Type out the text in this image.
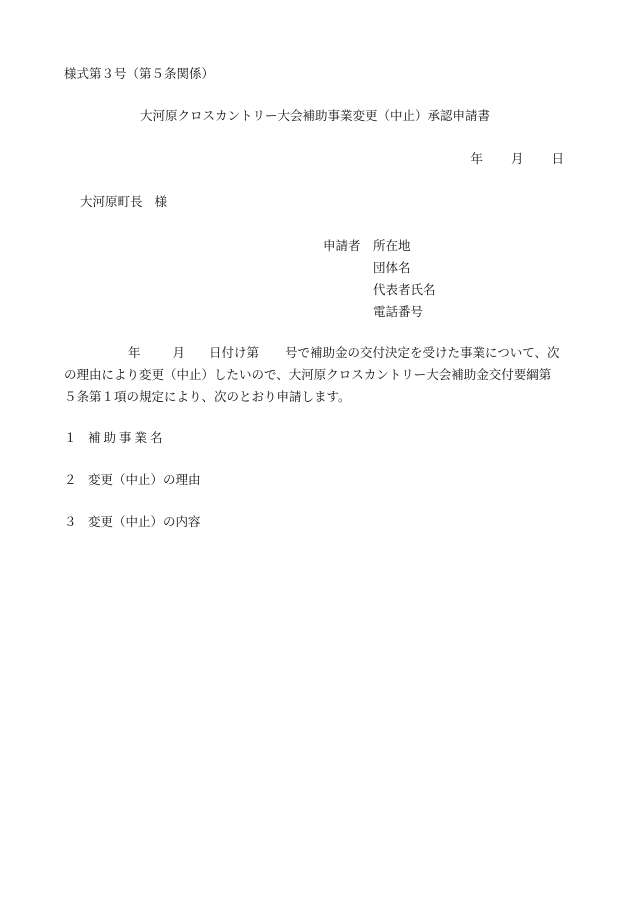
様式第３号（第５条関係）
大河原クロスカントリー大会補助事業変更（中止）承認申請書
年 月 日
大河原町長 様
申請者 所在地
団体名
代表者氏名
電話番号
年	月 日付け第 号で補助金の交付決定を受けた事業について、次
の理由により変更（中止）したいので、大河原クロスカントリー大会補助金交付要綱第
５条第１項の規定により、次のとおり申請します。
１ 補助事業名
２ 変更（中止）の理由
３ 変更（中止）の内容
